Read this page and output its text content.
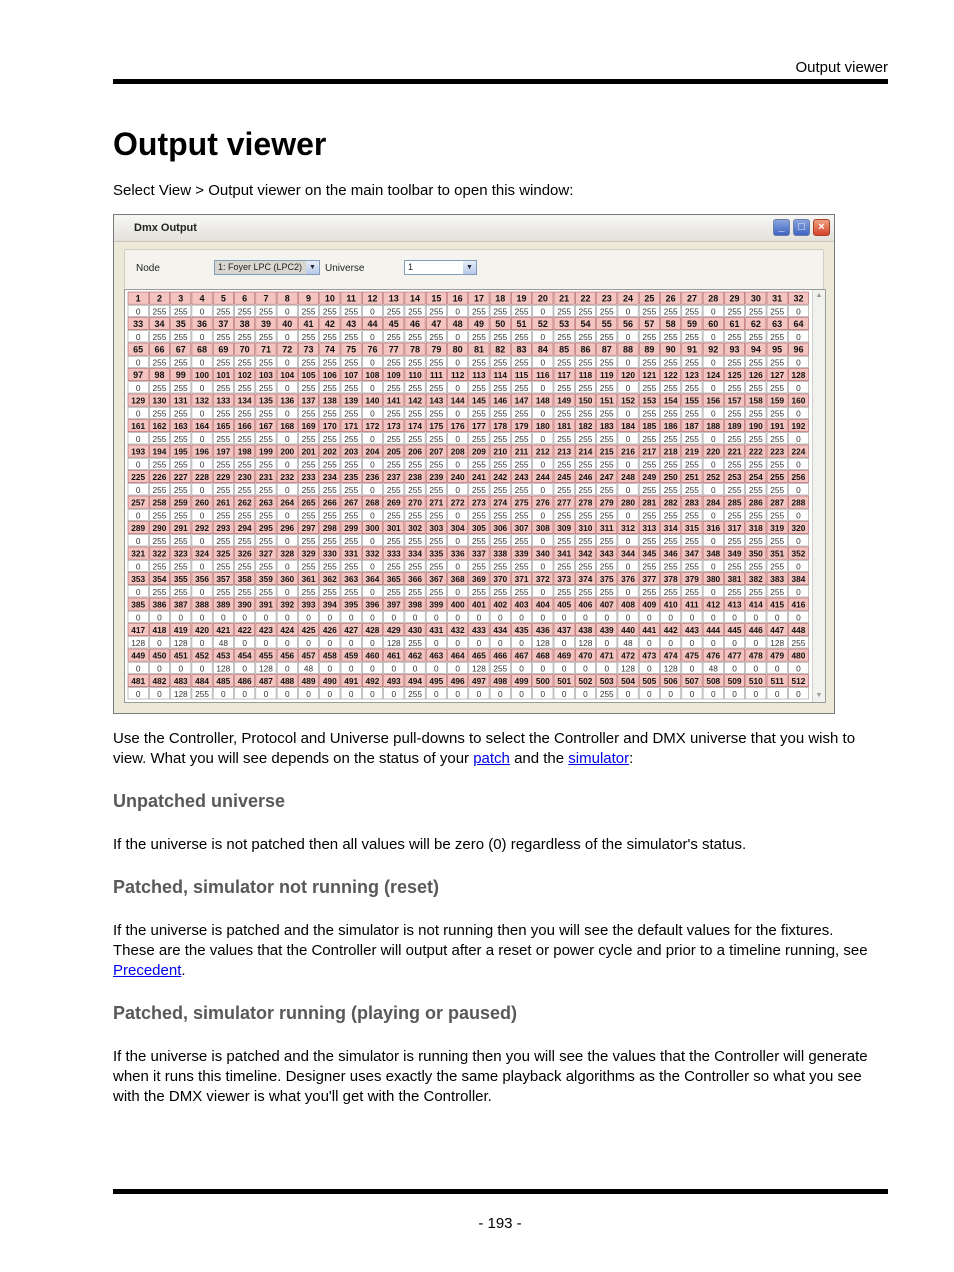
Output viewer
Output viewer

Select View > Output viewer on the main toolbar to open this window:

Dmx Output	_	□	×
Node	1: Foyer LPC (LPC2)	▼ Universe	1	▼
1 2 3 4 5 6 7 8 9 10 11 12 13 14 15 16 17 18 19 20 21 22 23 24 25 26 27 28 29 30 31 32
0 255 255 0 255 255 255 0 255 255 255 0 255 255 255 0 255 255 255 0 255 255 255 0 255 255 255 0 255 255 255 0
33 34 35 36 37 38 39 40 41 42 43 44 45 46 47 48 49 50 51 52 53 54 55 56 57 58 59 60 61 62 63 64
0 255 255 0 255 255 255 0 255 255 255 0 255 255 255 0 255 255 255 0 255 255 255 0 255 255 255 0 255 255 255 0
65 66 67 68 69 70 71 72 73 74 75 76 77 78 79 80 81 82 83 84 85 86 87 88 89 90 91 92 93 94 95 96
0 255 255 0 255 255 255 0 255 255 255 0 255 255 255 0 255 255 255 0 255 255 255 0 255 255 255 0 255 255 255 0
97 98 99 100 101 102 103 104 105 106 107 108 109 110 111 112 113 114 115 116 117 118 119 120 121 122 123 124 125 126 127 128
0 255 255 0 255 255 255 0 255 255 255 0 255 255 255 0 255 255 255 0 255 255 255 0 255 255 255 0 255 255 255 0
129 130 131 132 133 134 135 136 137 138 139 140 141 142 143 144 145 146 147 148 149 150 151 152 153 154 155 156 157 158 159 160
0 255 255 0 255 255 255 0 255 255 255 0 255 255 255 0 255 255 255 0 255 255 255 0 255 255 255 0 255 255 255 0
161 162 163 164 165 166 167 168 169 170 171 172 173 174 175 176 177 178 179 180 181 182 183 184 185 186 187 188 189 190 191 192
0 255 255 0 255 255 255 0 255 255 255 0 255 255 255 0 255 255 255 0 255 255 255 0 255 255 255 0 255 255 255 0
193 194 195 196 197 198 199 200 201 202 203 204 205 206 207 208 209 210 211 212 213 214 215 216 217 218 219 220 221 222 223 224
0 255 255 0 255 255 255 0 255 255 255 0 255 255 255 0 255 255 255 0 255 255 255 0 255 255 255 0 255 255 255 0
225 226 227 228 229 230 231 232 233 234 235 236 237 238 239 240 241 242 243 244 245 246 247 248 249 250 251 252 253 254 255 256
0 255 255 0 255 255 255 0 255 255 255 0 255 255 255 0 255 255 255 0 255 255 255 0 255 255 255 0 255 255 255 0
257 258 259 260 261 262 263 264 265 266 267 268 269 270 271 272 273 274 275 276 277 278 279 280 281 282 283 284 285 286 287 288
0 255 255 0 255 255 255 0 255 255 255 0 255 255 255 0 255 255 255 0 255 255 255 0 255 255 255 0 255 255 255 0
289 290 291 292 293 294 295 296 297 298 299 300 301 302 303 304 305 306 307 308 309 310 311 312 313 314 315 316 317 318 319 320
0 255 255 0 255 255 255 0 255 255 255 0 255 255 255 0 255 255 255 0 255 255 255 0 255 255 255 0 255 255 255 0
321 322 323 324 325 326 327 328 329 330 331 332 333 334 335 336 337 338 339 340 341 342 343 344 345 346 347 348 349 350 351 352
0 255 255 0 255 255 255 0 255 255 255 0 255 255 255 0 255 255 255 0 255 255 255 0 255 255 255 0 255 255 255 0
353 354 355 356 357 358 359 360 361 362 363 364 365 366 367 368 369 370 371 372 373 374 375 376 377 378 379 380 381 382 383 384
0 255 255 0 255 255 255 0 255 255 255 0 255 255 255 0 255 255 255 0 255 255 255 0 255 255 255 0 255 255 255 0
385 386 387 388 389 390 391 392 393 394 395 396 397 398 399 400 401 402 403 404 405 406 407 408 409 410 411 412 413 414 415 416
0 0 0 0 0 0 0 0 0 0 0 0 0 0 0 0 0 0 0 0 0 0 0 0 0 0 0 0 0 0 0 0
417 418 419 420 421 422 423 424 425 426 427 428 429 430 431 432 433 434 435 436 437 438 439 440 441 442 443 444 445 446 447 448
128 0 128 0 48 0 0 0 0 0 0 0 128 255 0 0 0 0 0 128 0 128 0 48 0 0 0 0 0 0 128 255
449 450 451 452 453 454 455 456 457 458 459 460 461 462 463 464 465 466 467 468 469 470 471 472 473 474 475 476 477 478 479 480
0 0 0 0 128 0 128 0 48 0 0 0 0 0 0 0 128 255 0 0 0 0 0 128 0 128 0 48 0 0 0 0
481 482 483 484 485 486 487 488 489 490 491 492 493 494 495 496 497 498 499 500 501 502 503 504 505 506 507 508 509 510 511 512
0 0 128 255 0 0 0 0 0 0 0 0 0 255 0 0 0 0 0 0 0 0 255 0 0 0 0 0 0 0 0 0
▲
▼

Use the Controller, Protocol and Universe pull-downs to select the Controller and DMX universe that you wish to
view. What you will see depends on the status of your patch and the simulator:

Unpatched universe

If the universe is not patched then all values will be zero (0) regardless of the simulator's status.

Patched, simulator not running (reset)

If the universe is patched and the simulator is not running then you will see the default values for the fixtures.
These are the values that the Controller will output after a reset or power cycle and prior to a timeline running, see
Precedent.

Patched, simulator running (playing or paused)

If the universe is patched and the simulator is running then you will see the values that the Controller will generate
when it runs this timeline. Designer uses exactly the same playback algorithms as the Controller so what you see
with the DMX viewer is what you'll get with the Controller.

- 193 -
